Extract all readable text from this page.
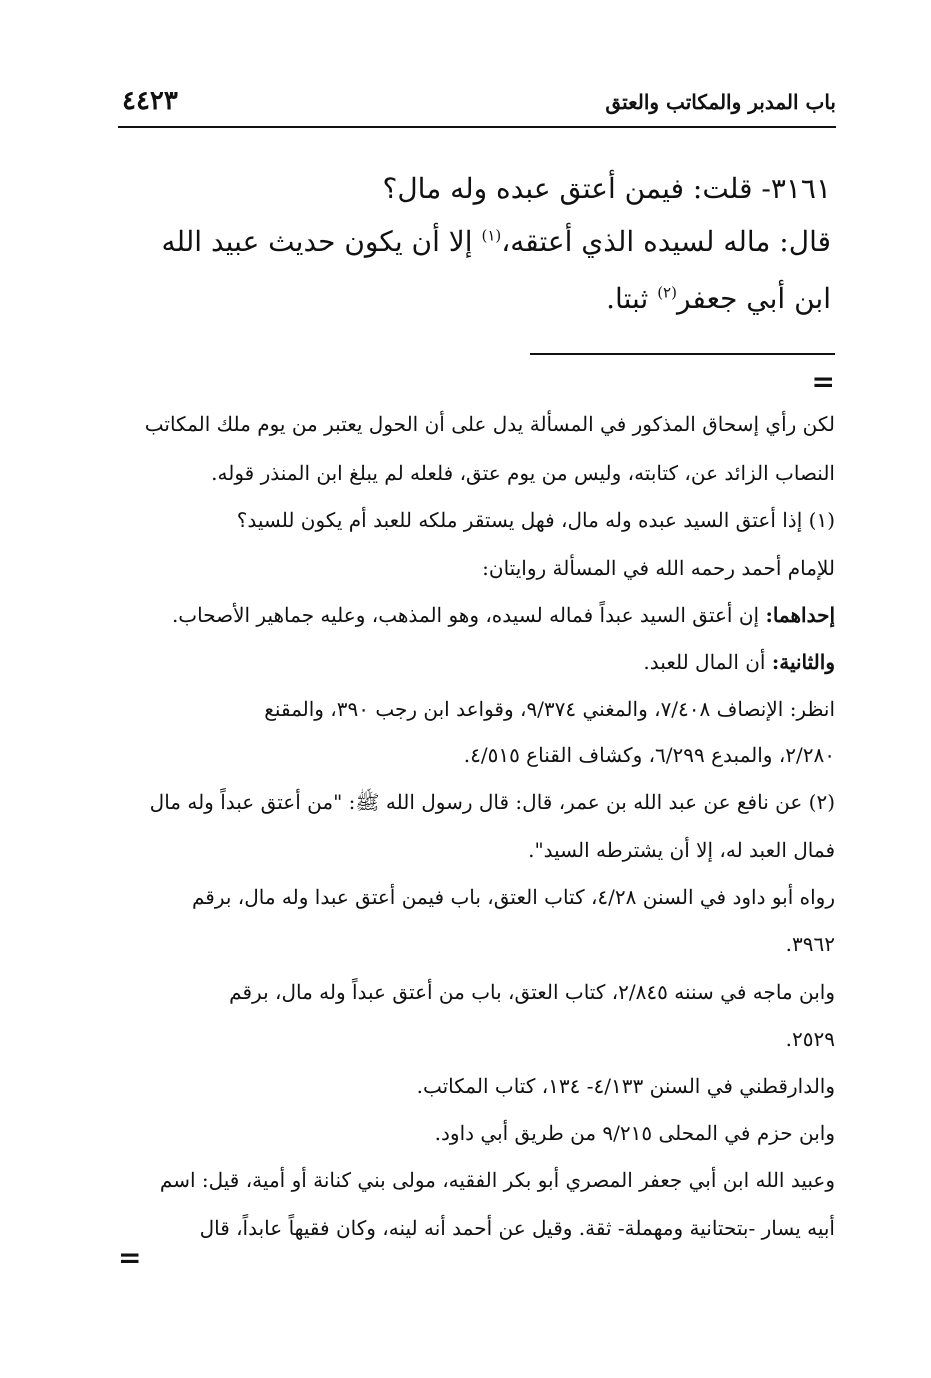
باب المدبر والمكاتب والعتق
٤٤٢٣
٣١٦١- قلت: فيمن أعتق عبده وله مال؟
قال: ماله لسيده الذي أعتقه،$^{(١)}$ إلا أن يكون حديث عبيد الله
ابن أبي جعفر$^{(٢)}$ ثبتا.
=
لكن رأي إسحاق المذكور في المسألة يدل على أن الحول يعتبر من يوم ملك المكاتب
النصاب الزائد عن، كتابته، وليس من يوم عتق، فلعله لم يبلغ ابن المنذر قوله.
(١) إذا أعتق السيد عبده وله مال، فهل يستقر ملكه للعبد أم يكون للسيد؟
للإمام أحمد رحمه الله في المسألة روايتان:
إحداهما: إن أعتق السيد عبداً فماله لسيده، وهو المذهب، وعليه جماهير الأصحاب.
والثانية: أن المال للعبد.
انظر: الإنصاف ٧/٤٠٨، والمغني ٩/٣٧٤، وقواعد ابن رجب ٣٩٠، والمقنع
٢/٢٨٠، والمبدع ٦/٢٩٩، وكشاف القناع ٤/٥١٥.
(٢) عن نافع عن عبد الله بن عمر، قال: قال رسول الله ﷺ: "من أعتق عبداً وله مال
فمال العبد له، إلا أن يشترطه السيد".
رواه أبو داود في السنن ٤/٢٨، كتاب العتق، باب فيمن أعتق عبدا وله مال، برقم
٣٩٦٢.
وابن ماجه في سننه ٢/٨٤٥، كتاب العتق، باب من أعتق عبداً وله مال، برقم
٢٥٢٩.
والدارقطني في السنن ٤/١٣٣- ١٣٤، كتاب المكاتب.
وابن حزم في المحلى ٩/٢١٥ من طريق أبي داود.
وعبيد الله ابن أبي جعفر المصري أبو بكر الفقيه، مولى بني كنانة أو أمية، قيل: اسم
أبيه يسار -بتحتانية ومهملة- ثقة. وقيل عن أحمد أنه لينه، وكان فقيهاً عابداً، قال
=
